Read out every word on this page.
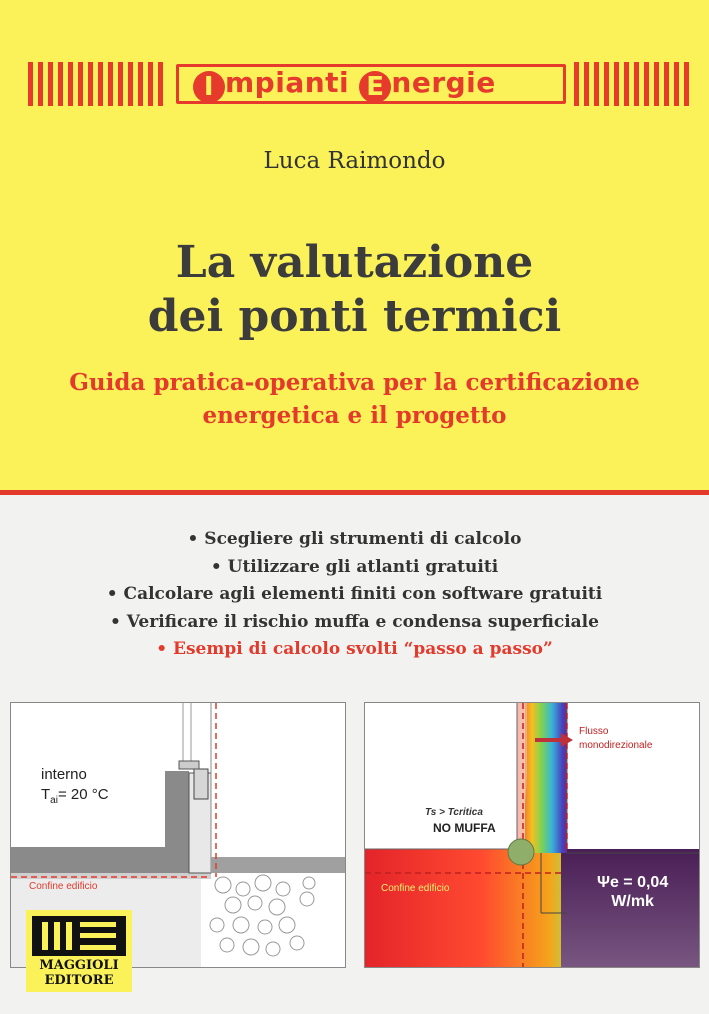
I mpianti E nergie
Luca Raimondo
La valutazione
dei ponti termici
Guida pratica-operativa per la certificazione
energetica e il progetto
• Scegliere gli strumenti di calcolo
• Utilizzare gli atlanti gratuiti
• Calcolare agli elementi finiti con software gratuiti
• Verificare il rischio muffa e condensa superficiale
• Esempi di calcolo svolti “passo a passo”
interno
$T_{ai}= 20$ °C
Confine edificio
Flusso
monodirezionale
Ts > Tcritica
NO MUFFA
Confine edificio	Ψe = 0,04
W/mk
MAGGIOLI
EDITORE
